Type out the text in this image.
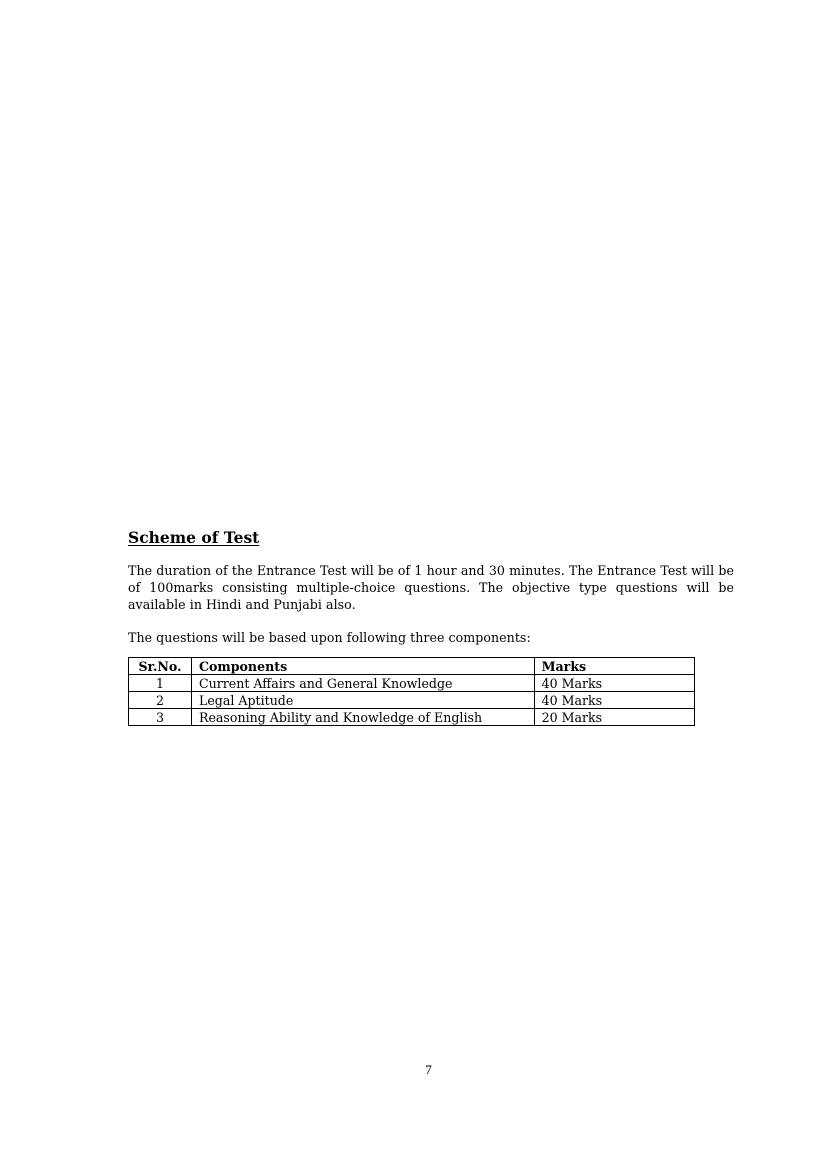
Scheme of Test

The duration of the Entrance Test will be of 1 hour and 30 minutes. The Entrance Test will be of 100marks consisting multiple-choice questions. The objective type questions will be available in Hindi and Punjabi also.

The questions will be based upon following three components:

Sr.No.	Components	Marks
1	Current Affairs and General Knowledge	40 Marks
2	Legal Aptitude	40 Marks
3	Reasoning Ability and Knowledge of English	20 Marks
7
